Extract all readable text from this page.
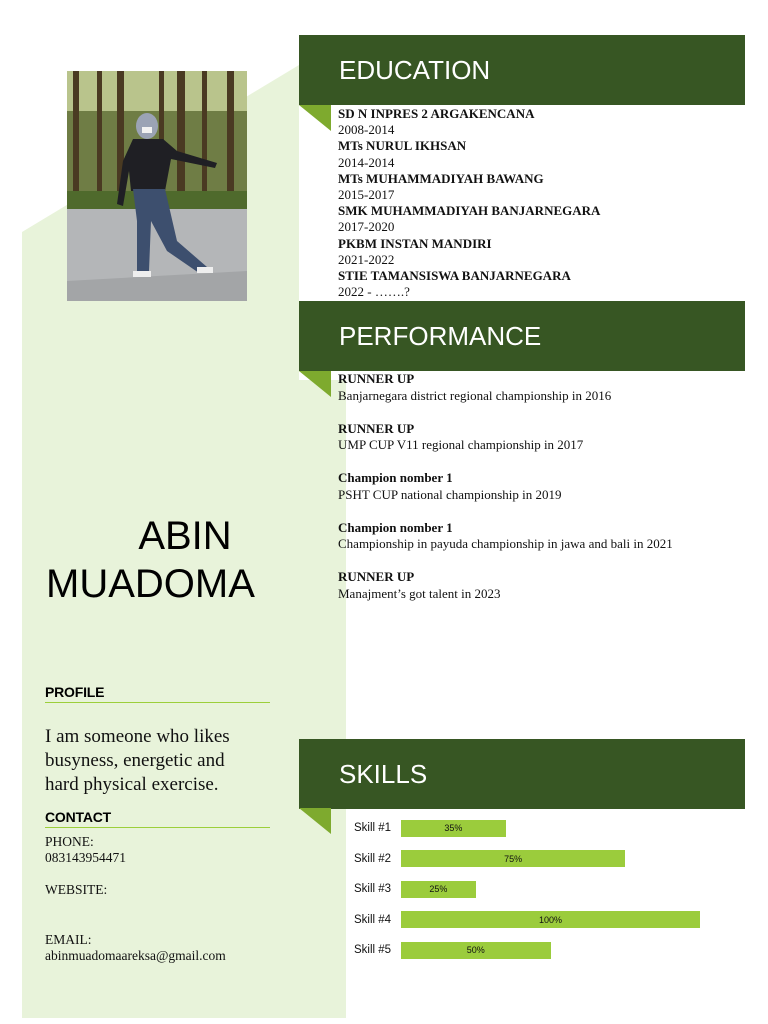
ABIN
MUADOMA
PROFILE
I am someone who likes busyness, energetic and hard physical exercise.
CONTACT
PHONE:
083143954471
WEBSITE:
EMAIL:
abinmuadomaareksa@gmail.com
EDUCATION
SD N INPRES 2 ARGAKENCANA
2008-2014
MTs NURUL IKHSAN
2014-2014
MTs MUHAMMADIYAH BAWANG
2015-2017
SMK MUHAMMADIYAH BANJARNEGARA
2017-2020
PKBM INSTAN MANDIRI
2021-2022
STIE TAMANSISWA BANJARNEGARA
2022 - …….?
PERFORMANCE
RUNNER UP
Banjarnegara district regional championship in 2016
RUNNER UP
UMP CUP V11 regional championship in 2017
Champion nomber 1
PSHT CUP national championship in 2019
Champion nomber 1
Championship in payuda championship in jawa and bali in 2021
RUNNER UP
Manajment’s got talent in 2023
SKILLS
Skill #1	35%
Skill #2	75%
Skill #3	25%
Skill #4	100%
Skill #5	50%
